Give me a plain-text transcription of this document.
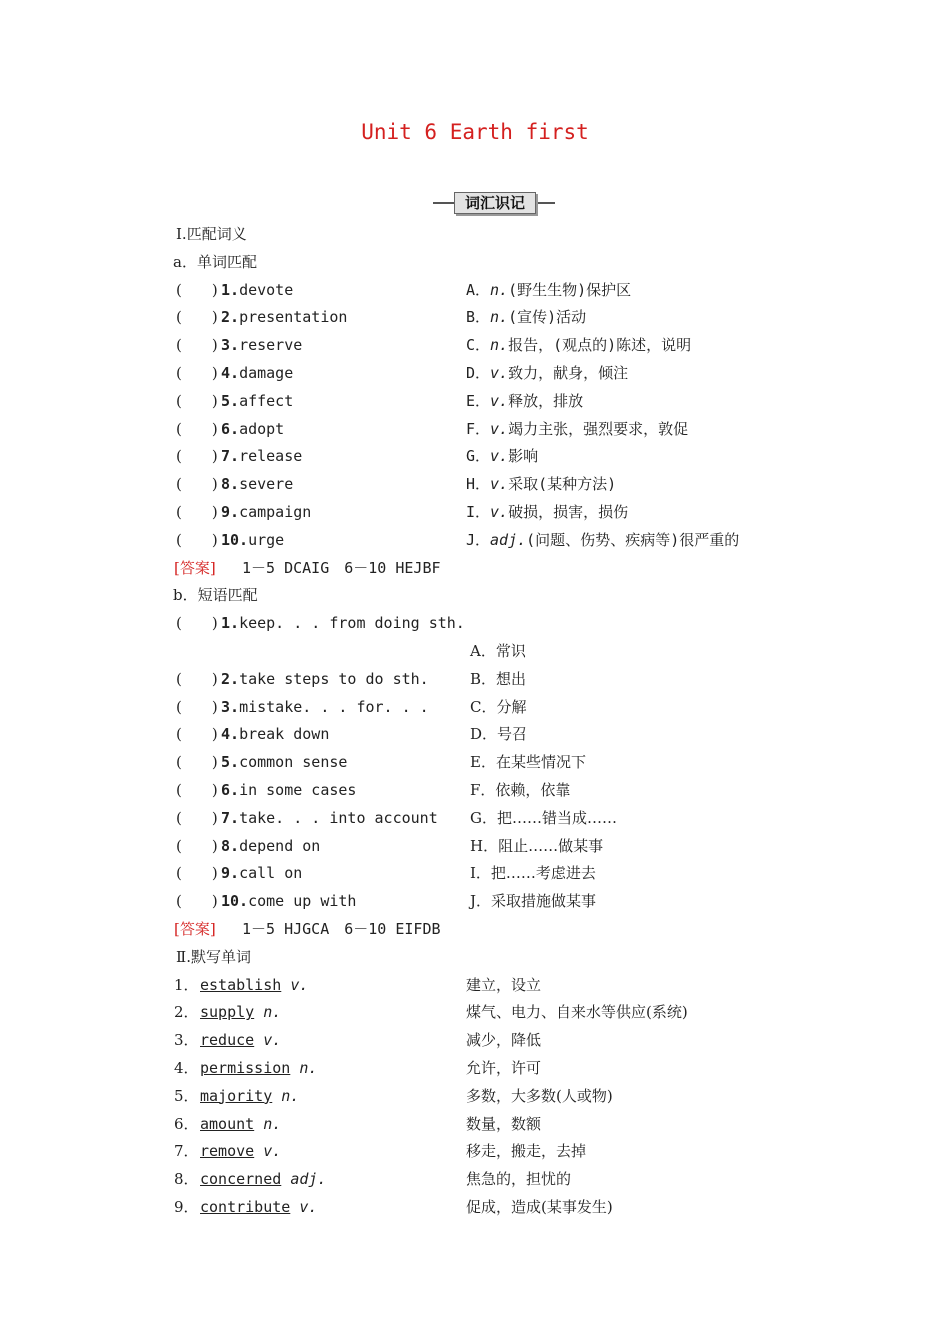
Unit 6 Earth first
词汇识记
Ⅰ.匹配词义
a．单词匹配
(　　) 1.devote	A．n.(野生生物)保护区
(　　) 2.presentation	B．n.(宣传)活动
(　　) 3.reserve	C．n.报告，(观点的)陈述，说明
(　　) 4.damage	D．v.致力，献身，倾注
(　　) 5.affect	E．v.释放，排放
(　　) 6.adopt	F．v.竭力主张，强烈要求，敦促
(　　) 7.release	G．v.影响
(　　) 8.severe	H．v.采取(某种方法)
(　　) 9.campaign	I．v.破损，损害，损伤
(　　) 10.urge	J．adj.(问题、伤势、疾病等)很严重的
[答案] 1－5 DCAIG　6－10 HEJBF
b．短语匹配
(　　) 1.keep. . . from doing sth.
A．常识
(　　) 2.take steps to do sth.	B．想出
(　　) 3.mistake. . . for. . .	C．分解
(　　) 4.break down	D．号召
(　　) 5.common sense	E．在某些情况下
(　　) 6.in some cases	F．依赖，依靠
(　　) 7.take. . . into account G．把……错当成……
(　　) 8.depend on	H．阻止……做某事
(　　) 9.call on	I．把……考虑进去
(　　) 10.come up with	J．采取措施做某事
[答案] 1－5 HJGCA　6－10 EIFDB
Ⅱ.默写单词
1． establish v.	建立，设立
2． supply n.	煤气、电力、自来水等供应(系统)
3． reduce v.	减少，降低
4． permission n.	允许，许可
5． majority n.	多数，大多数(人或物)
6． amount n.	数量，数额
7． remove v.	移走，搬走，去掉
8． concerned adj.	焦急的，担忧的
9． contribute v.	促成，造成(某事发生)
